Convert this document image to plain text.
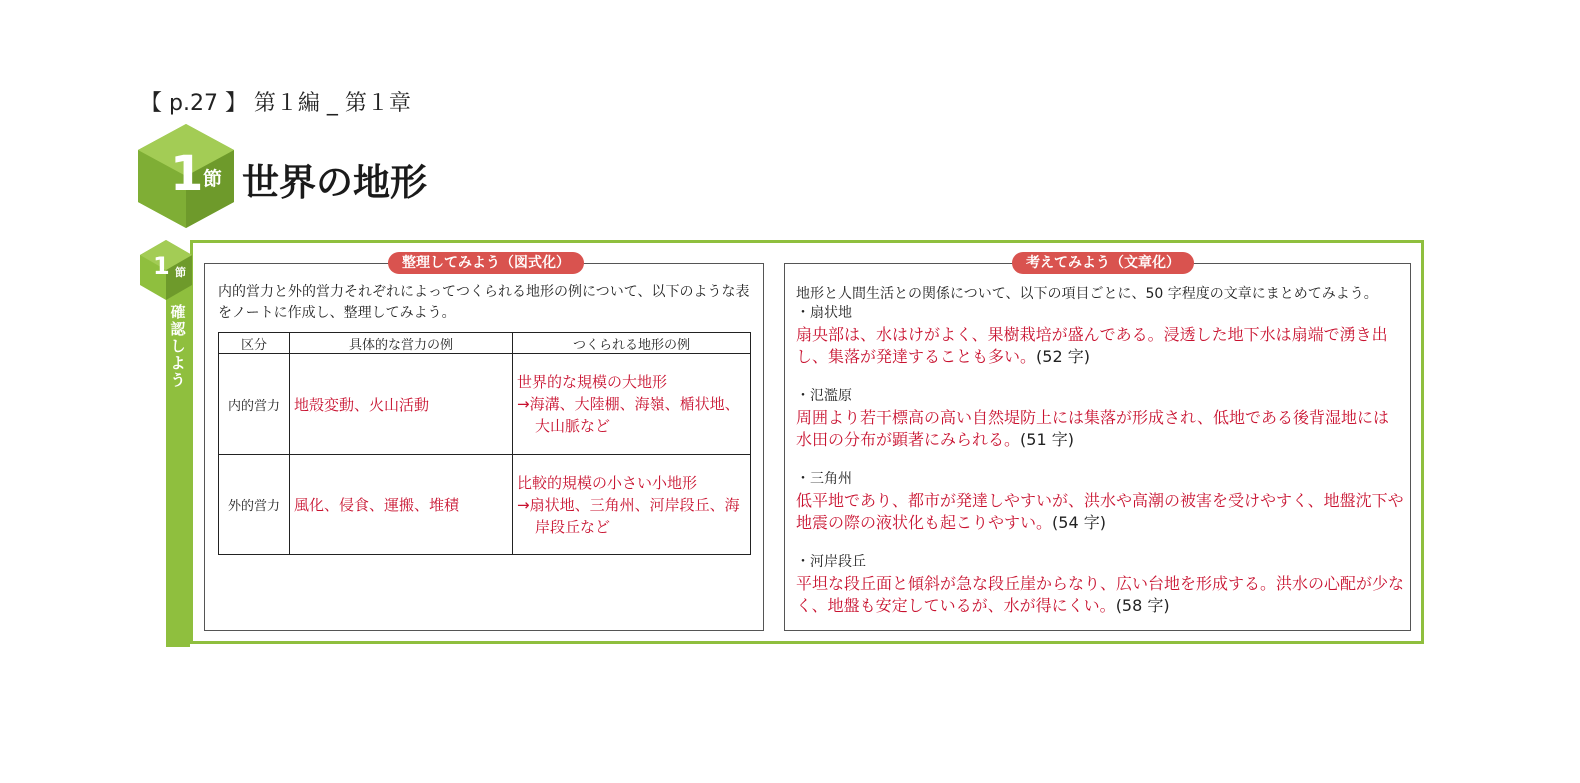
【 p.27 】 第１編 _ 第１章
1 節 世界の地形
1 節
確認しよう
整理してみよう（図式化）
内的営力と外的営力それぞれによってつくられる地形の例について、以下のような表をノートに作成し、整理してみよう。
区分	具体的な営力の例	つくられる地形の例
内的営力	地殻変動、火山活動	世界的な規模の大地形
→海溝、大陸棚、海嶺、楯状地、大山脈など

外的営力	風化、侵食、運搬、堆積	比較的規模の小さい小地形
→扇状地、三角州、河岸段丘、海岸段丘など
考えてみよう（文章化）
地形と人間生活との関係について、以下の項目ごとに、50 字程度の文章にまとめてみよう。
・扇状地
扇央部は、水はけがよく、果樹栽培が盛んである。浸透した地下水は扇端で湧き出し、集落が発達することも多い。(52 字)
・氾濫原
周囲より若干標高の高い自然堤防上には集落が形成され、低地である後背湿地には水田の分布が顕著にみられる。(51 字)
・三角州
低平地であり、都市が発達しやすいが、洪水や高潮の被害を受けやすく、地盤沈下や地震の際の液状化も起こりやすい。(54 字)
・河岸段丘
平坦な段丘面と傾斜が急な段丘崖からなり、広い台地を形成する。洪水の心配が少なく、地盤も安定しているが、水が得にくい。(58 字)
